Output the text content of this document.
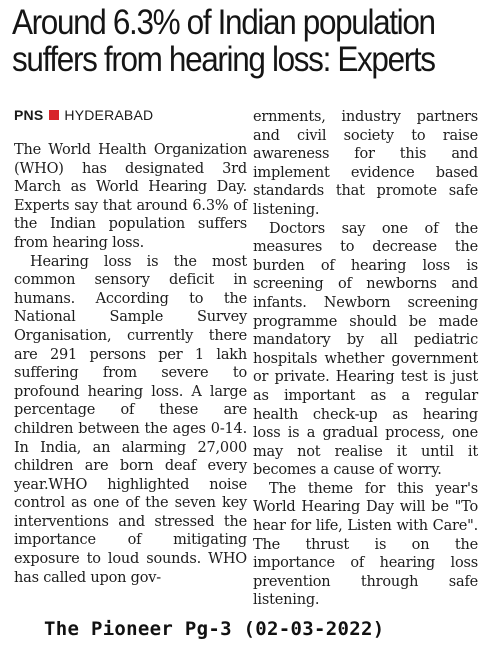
Around 6.3% of Indian population
suffers from hearing loss: Experts
PNS HYDERABAD

The World Health Organization (WHO) has designated 3rd March as World Hearing Day. Experts say that around 6.3% of the Indian population suffers from hearing loss.

Hearing loss is the most common sensory deficit in humans. According to the National Sample Survey Organisation, currently there are 291 persons per 1 lakh suffering from severe to profound hearing loss. A large percentage of these are children between the ages 0-14. In India, an alarming 27,000 children are born deaf every year.WHO highlighted noise control as one of the seven key interventions and stressed the importance of mitigating exposure to loud sounds. WHO has called upon gov-

ernments, industry partners and civil society to raise awareness for this and implement evidence based standards that promote safe listening.

Doctors say one of the measures to decrease the burden of hearing loss is screening of newborns and infants. Newborn screening programme should be made mandatory by all pediatric hospitals whether government or private. Hearing test is just as important as a regular health check-up as hearing loss is a gradual process, one may not realise it until it becomes a cause of worry.

The theme for this year's World Hearing Day will be "To hear for life, Listen with Care". The thrust is on the importance of hearing loss prevention through safe listening.

The Pioneer Pg-3 (02-03-2022)
